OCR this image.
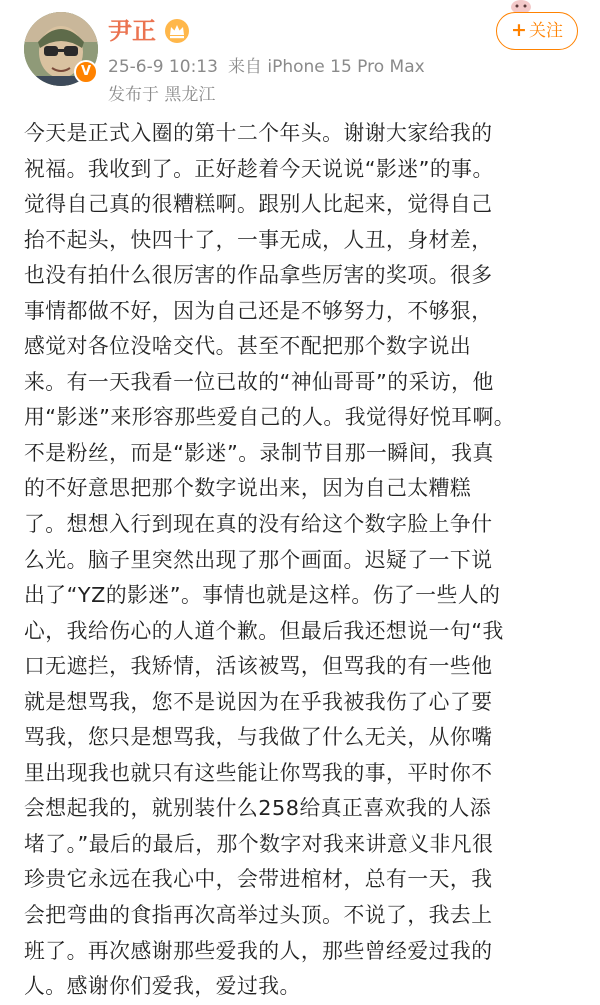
V
尹正
25-6-9 10:13 来自 iPhone 15 Pro Max
发布于 黑龙江
+ 关注
今天是正式入圈的第十二个年头。谢谢大家给我的
祝福。我收到了。正好趁着今天说说“影迷”的事。
觉得自己真的很糟糕啊。跟别人比起来，觉得自己
抬不起头，快四十了，一事无成，人丑，身材差，
也没有拍什么很厉害的作品拿些厉害的奖项。很多
事情都做不好，因为自己还是不够努力，不够狠，
感觉对各位没啥交代。甚至不配把那个数字说出
来。有一天我看一位已故的“神仙哥哥”的采访，他
用“影迷”来形容那些爱自己的人。我觉得好悦耳啊。
不是粉丝，而是“影迷”。录制节目那一瞬间，我真
的不好意思把那个数字说出来，因为自己太糟糕
了。想想入行到现在真的没有给这个数字脸上争什
么光。脑子里突然出现了那个画面。迟疑了一下说
出了“YZ的影迷”。事情也就是这样。伤了一些人的
心，我给伤心的人道个歉。但最后我还想说一句“我
口无遮拦，我矫情，活该被骂，但骂我的有一些他
就是想骂我，您不是说因为在乎我被我伤了心了要
骂我，您只是想骂我，与我做了什么无关，从你嘴
里出现我也就只有这些能让你骂我的事，平时你不
会想起我的，就别装什么258给真正喜欢我的人添
堵了。”最后的最后，那个数字对我来讲意义非凡很
珍贵它永远在我心中，会带进棺材，总有一天，我
会把弯曲的食指再次高举过头顶。不说了，我去上
班了。再次感谢那些爱我的人，那些曾经爱过我的
人。感谢你们爱我，爱过我。
